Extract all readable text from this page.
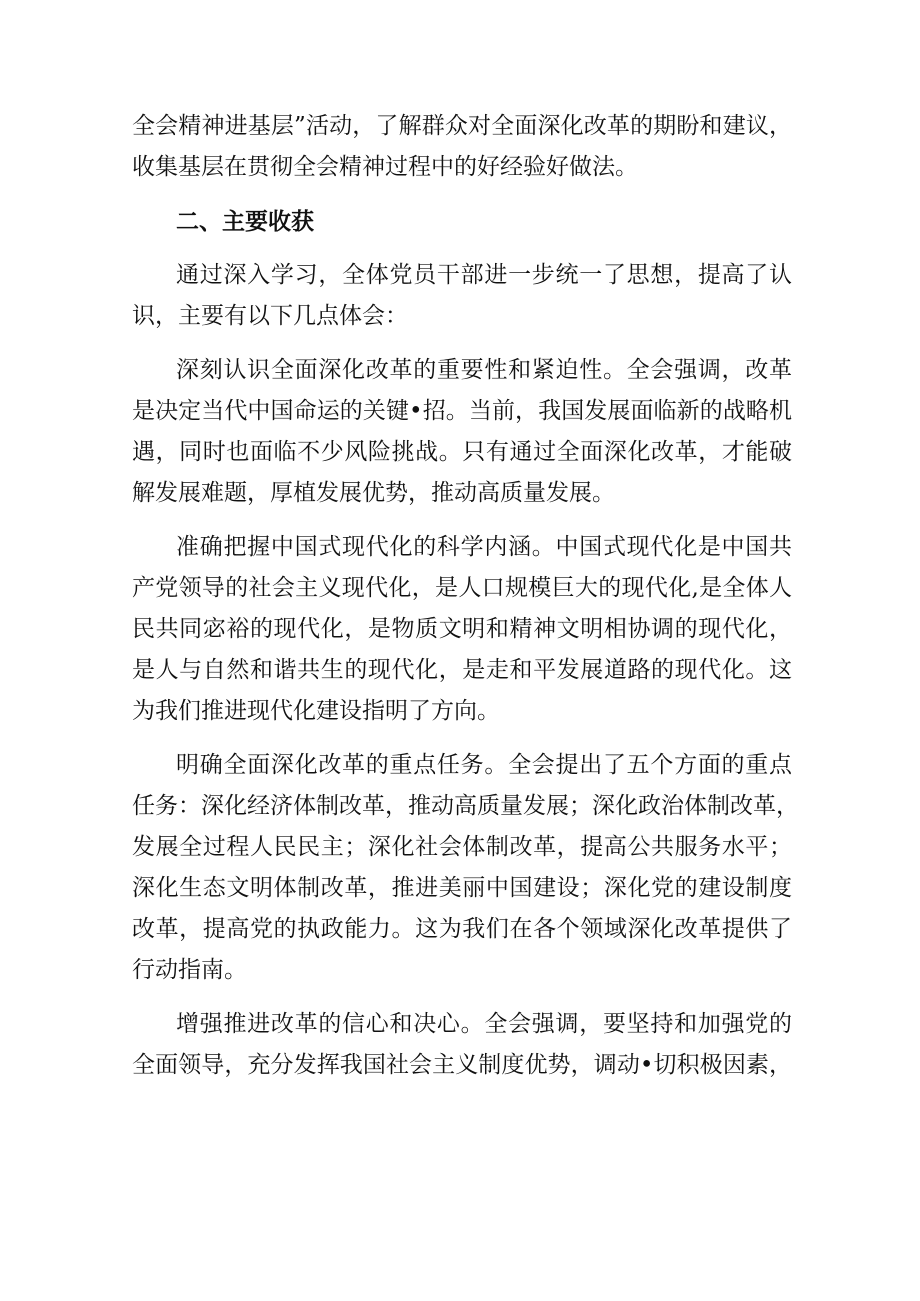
全会精神进基层”活动，了解群众对全面深化改革的期盼和建议，
收集基层在贯彻全会精神过程中的好经验好做法。
二、主要收获
通过深入学习，全体党员干部进一步统一了思想，提高了认
识，主要有以下几点体会：
深刻认识全面深化改革的重要性和紧迫性。全会强调，改革
是决定当代中国命运的关键•招。当前，我国发展面临新的战略机
遇，同时也面临不少风险挑战。只有通过全面深化改革，才能破
解发展难题，厚植发展优势，推动高质量发展。
准确把握中国式现代化的科学内涵。中国式现代化是中国共
产党领导的社会主义现代化，是人口规模巨大的现代化,是全体人
民共同宓裕的现代化，是物质文明和精神文明相协调的现代化，
是人与自然和谐共生的现代化，是走和平发展道路的现代化。这
为我们推进现代化建设指明了方向。
明确全面深化改革的重点任务。全会提出了五个方面的重点
任务：深化经济体制改革，推动高质量发展；深化政治体制改革，
发展全过程人民民主；深化社会体制改革，提高公共服务水平；
深化生态文明体制改革，推进美丽中国建设；深化党的建设制度
改革，提高党的执政能力。这为我们在各个领域深化改革提供了
行动指南。
增强推进改革的信心和决心。全会强调，要坚持和加强党的
全面领导，充分发挥我国社会主义制度优势，调动•切积极因素，
